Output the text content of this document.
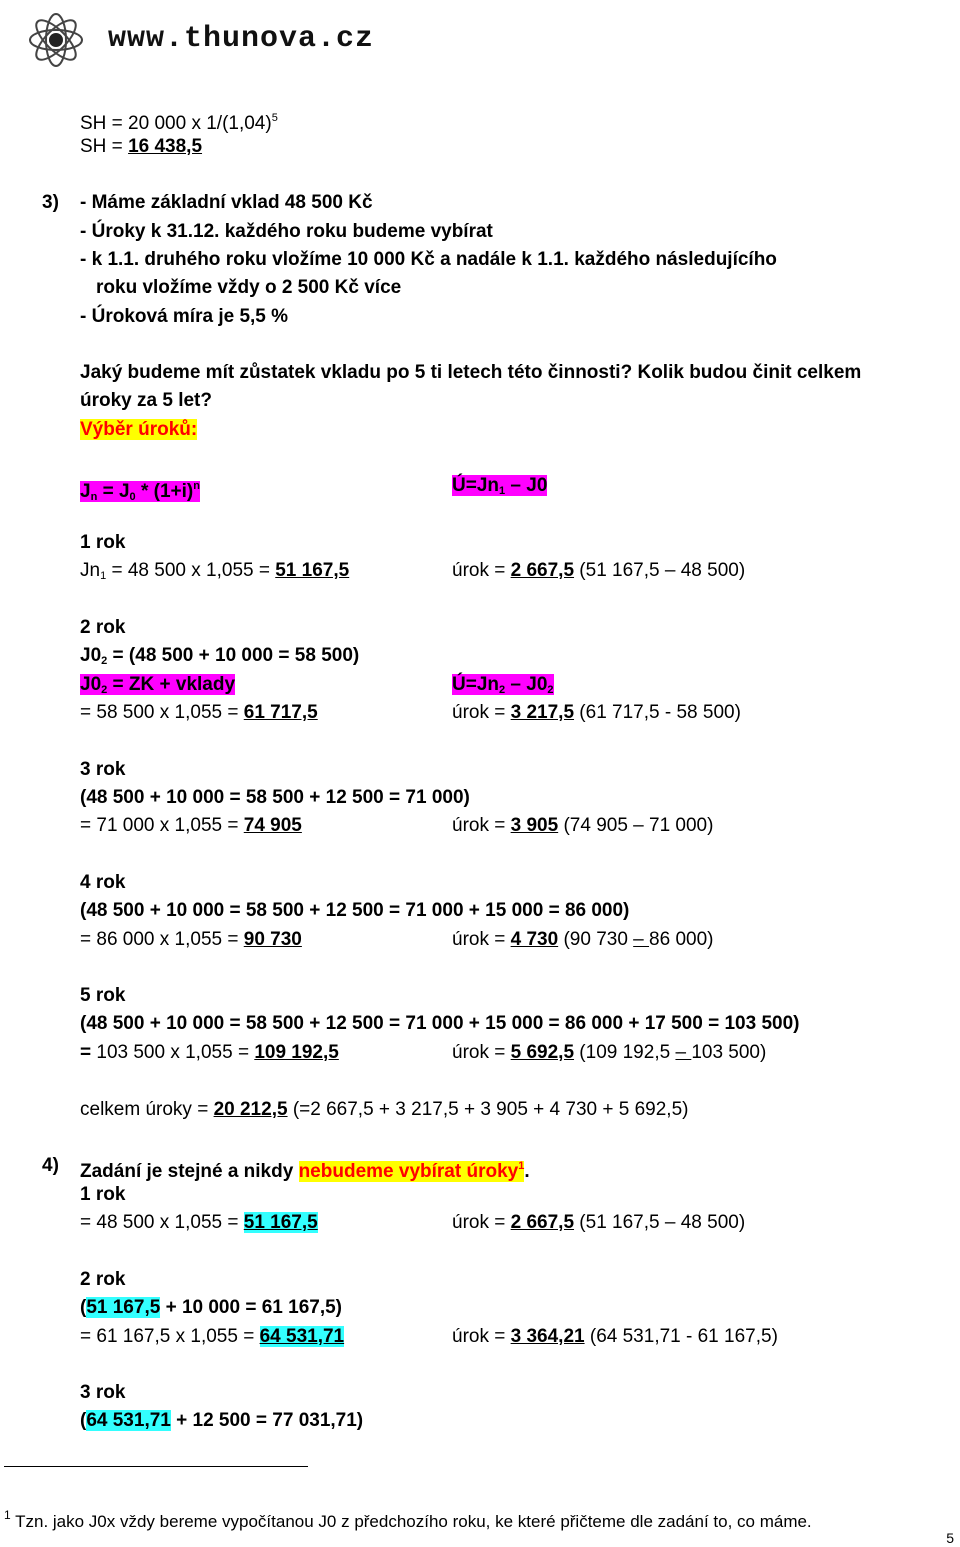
www.thunova.cz
SH = 20 000 x $1/(1,04)^5$
SH = 16 438,5
3) - Máme základní vklad 48 500 Kč
- Úroky k 31.12. každého roku budeme vybírat
- k 1.1. druhého roku vložíme 10 000 Kč a nadále k 1.1. každého následujícího
roku vložíme vždy o 2 500 Kč více
- Úroková míra je 5,5 %
Jaký budeme mít zůstatek vkladu po 5 ti letech této činnosti? Kolik budou činit celkem
úroky za 5 let?
Výběr úroků:
$J_n = J_0 * (1+i)^n$	$Ú=Jn_1 - J0$
1 rok
$Jn_1 = 48$ 500 x 1,055 = 51 167,5	úrok = 2 667,5 (51 167,5 – 48 500)
2 rok
$J0_2 = (48$ 500 + 10 000 = 58 500)
$J0_2$ = ZK + vklady	$Ú=Jn_2 - J0_2$
= 58 500 x 1,055 = 61 717,5	úrok = 3 217,5 (61 717,5 - 58 500)
3 rok
(48 500 + 10 000 = 58 500 + 12 500 = 71 000)
= 71 000 x 1,055 = 74 905	úrok = 3 905 (74 905 – 71 000)
4 rok
(48 500 + 10 000 = 58 500 + 12 500 = 71 000 + 15 000 = 86 000)
= 86 000 x 1,055 = 90 730	úrok = 4 730 (90 730 – 86 000)
5 rok
(48 500 + 10 000 = 58 500 + 12 500 = 71 000 + 15 000 = 86 000 + 17 500 = 103 500)
= 103 500 x 1,055 = 109 192,5	úrok = 5 692,5 (109 192,5 – 103 500)
celkem úroky = 20 212,5 (=2 667,5 + 3 217,5 + 3 905 + 4 730 + 5 692,5)
4) Zadání je stejné a nikdy nebudeme vybírat úroky$^1$.
1 rok
= 48 500 x 1,055 = 51 167,5	úrok = 2 667,5 (51 167,5 – 48 500)
2 rok
(51 167,5 + 10 000 = 61 167,5)
= 61 167,5 x 1,055 = 64 531,71	úrok = 3 364,21 (64 531,71 - 61 167,5)
3 rok
(64 531,71 + 12 500 = 77 031,71)
$^1$ Tzn. jako J0x vždy bereme vypočítanou J0 z předchozího roku, ke které přičteme dle zadání to, co máme.
5
